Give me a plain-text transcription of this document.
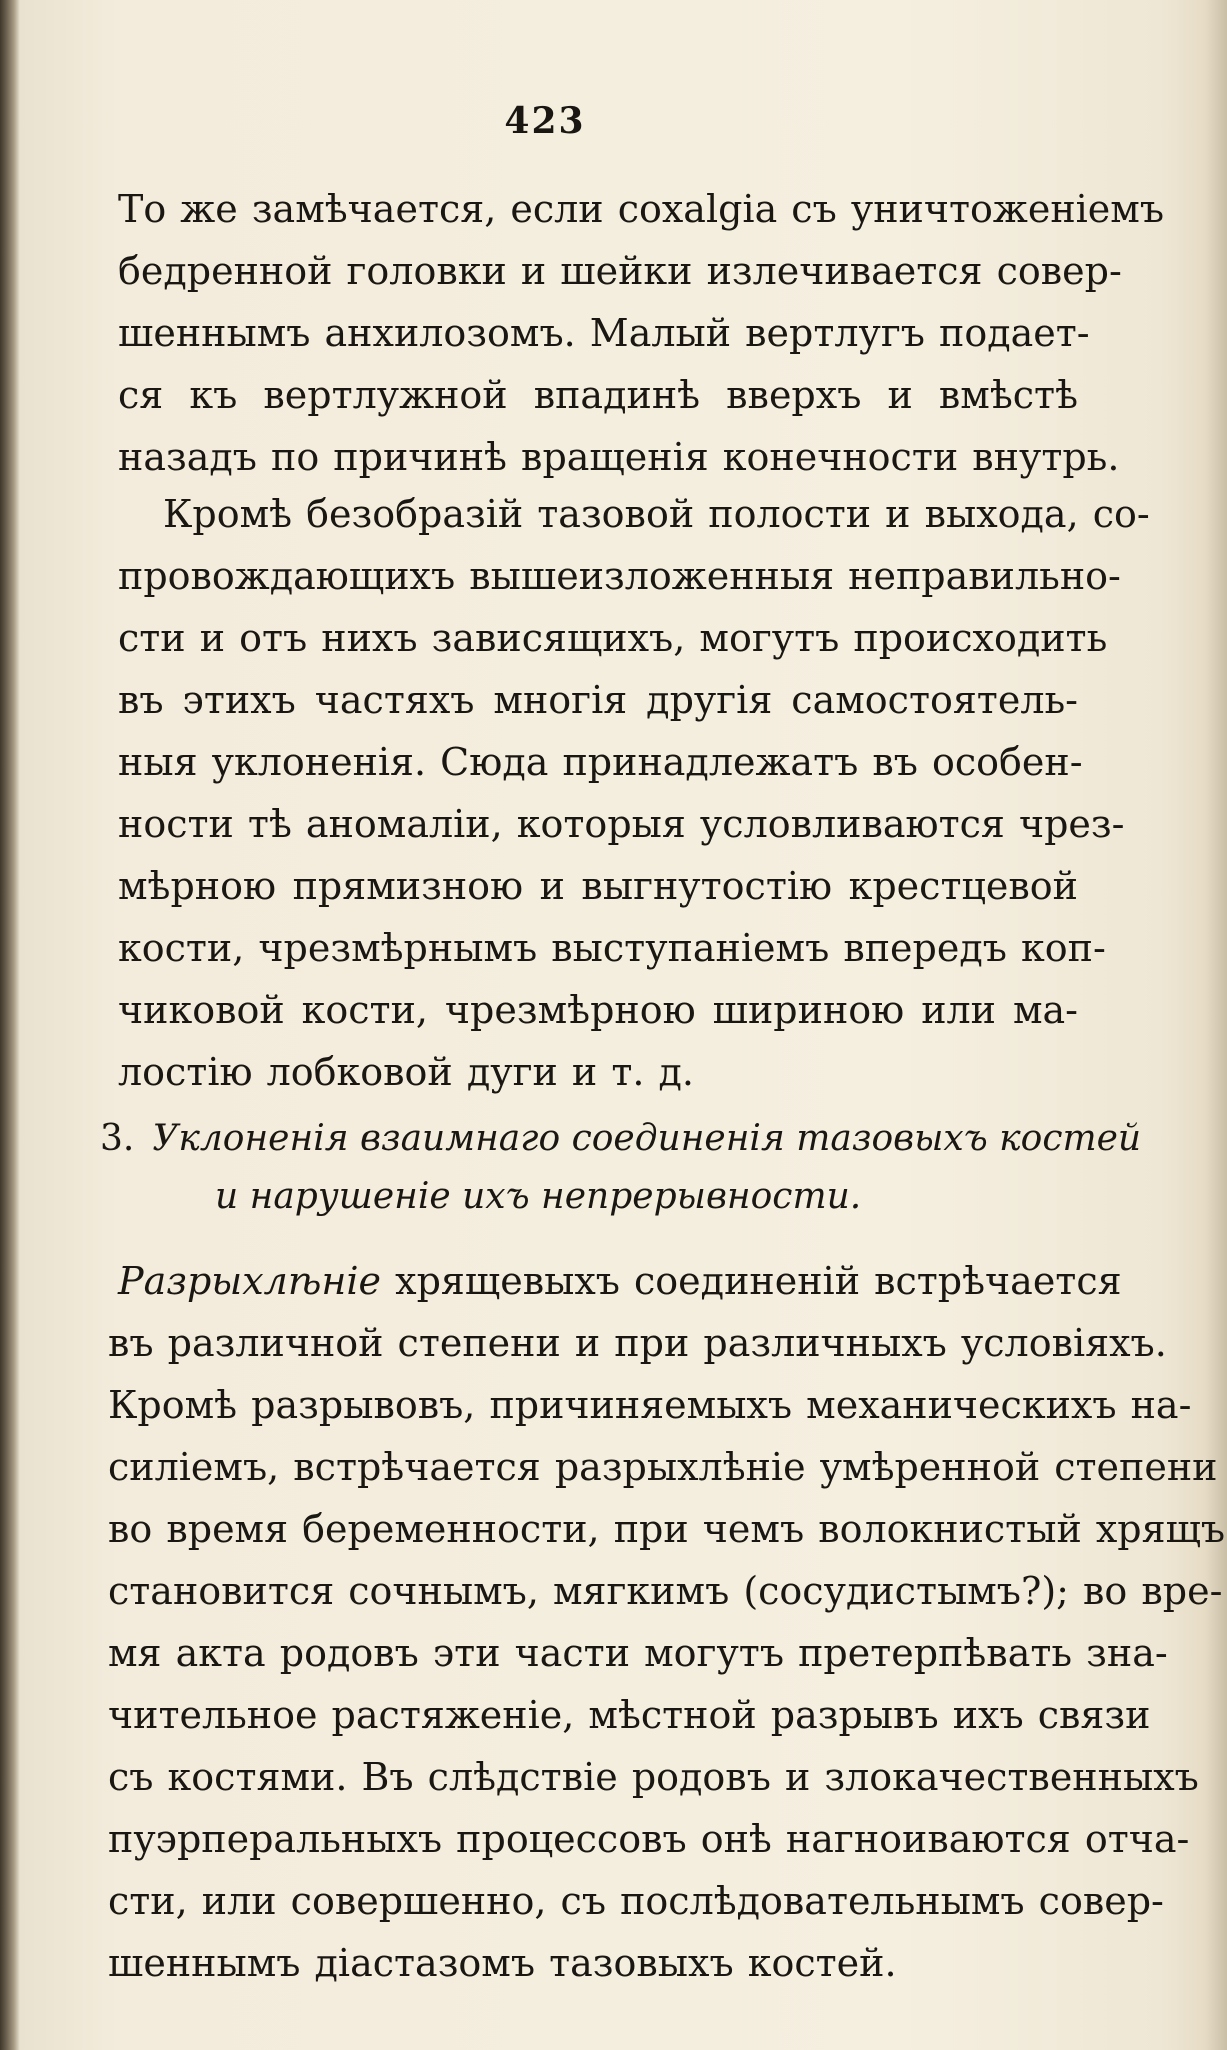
423
То же замѣчается, если coxalgia съ уничтоженіемъ
бедренной головки и шейки излечивается совер-
шеннымъ анхилозомъ. Малый вертлугъ подает-
ся къ вертлужной впадинѣ вверхъ и вмѣстѣ
назадъ по причинѣ вращенія конечности внутрь.
Кромѣ безобразій тазовой полости и выхода, со-
провождающихъ вышеизложенныя неправильно-
сти и отъ нихъ зависящихъ, могутъ происходить
въ этихъ частяхъ многія другія самостоятель-
ныя уклоненія. Сюда принадлежатъ въ особен-
ности тѣ аномаліи, которыя условливаются чрез-
мѣрною прямизною и выгнутостію крестцевой
кости, чрезмѣрнымъ выступаніемъ впередъ коп-
чиковой кости, чрезмѣрною шириною или ма-
лостію лобковой дуги и т. д.
3. Уклоненія взаимнаго соединенія тазовыхъ костей
и нарушеніе ихъ непрерывности.
Разрыхлѣніе хрящевыхъ соединеній встрѣчается
въ различной степени и при различныхъ условіяхъ.
Кромѣ разрывовъ, причиняемыхъ механическихъ на-
силіемъ, встрѣчается разрыхлѣніе умѣренной степени
во время беременности, при чемъ волокнистый хрящъ
становится сочнымъ, мягкимъ (сосудистымъ?); во вре-
мя акта родовъ эти части могутъ претерпѣвать зна-
чительное растяженіе, мѣстной разрывъ ихъ связи
съ костями. Въ слѣдствіе родовъ и злокачественныхъ
пуэрперальныхъ процессовъ онѣ нагноиваются отча-
сти, или совершенно, съ послѣдовательнымъ совер-
шеннымъ діастазомъ тазовыхъ костей.
